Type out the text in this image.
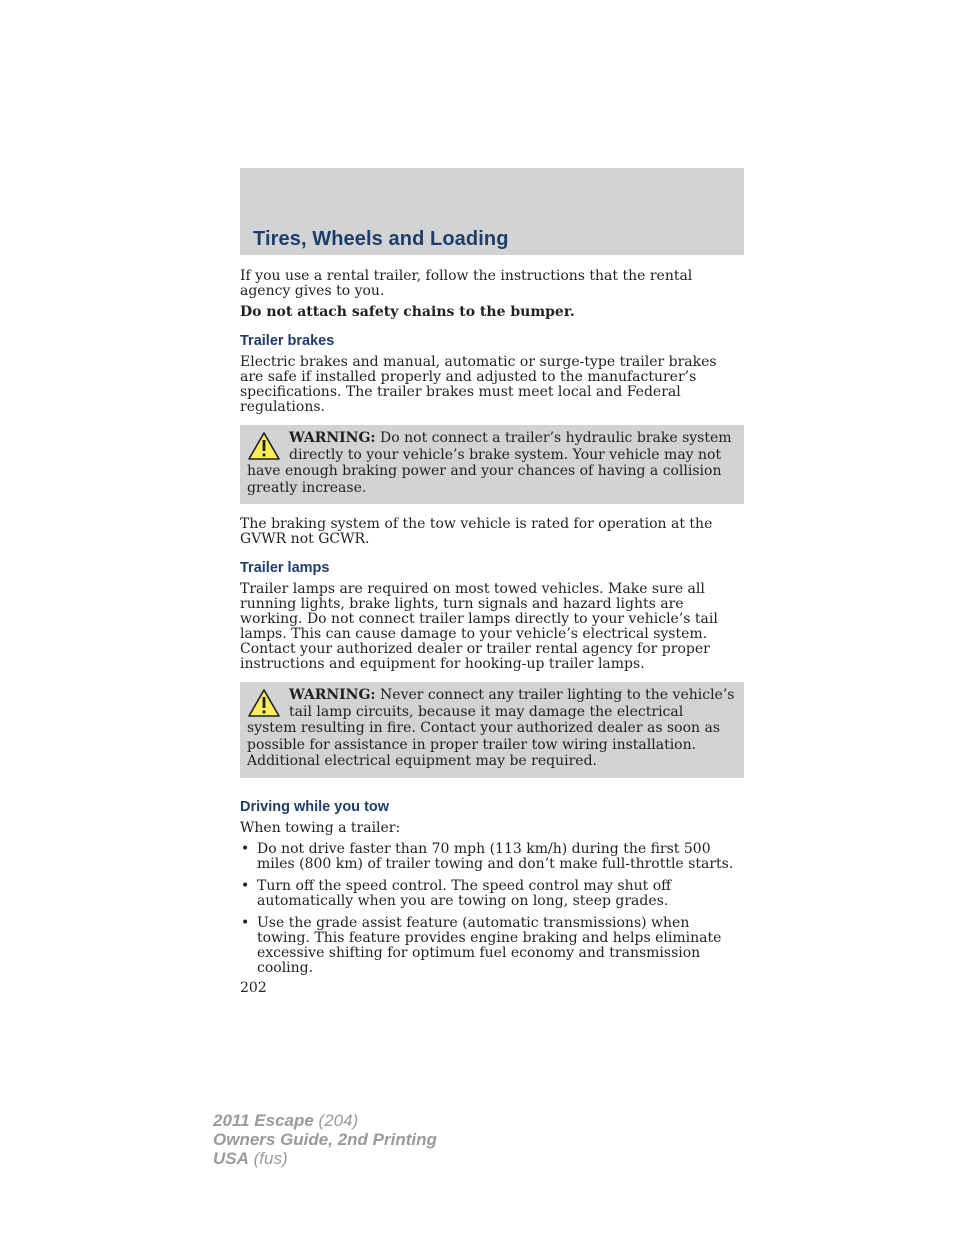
Tires, Wheels and Loading

If you use a rental trailer, follow the instructions that the rental agency gives to you.

Do not attach safety chains to the bumper.

Trailer brakes

Electric brakes and manual, automatic or surge-type trailer brakes are safe if installed properly and adjusted to the manufacturer’s specifications. The trailer brakes must meet local and Federal regulations.

WARNING: Do not connect a trailer’s hydraulic brake system directly to your vehicle’s brake system. Your vehicle may not have enough braking power and your chances of having a collision greatly increase.

The braking system of the tow vehicle is rated for operation at the GVWR not GCWR.

Trailer lamps

Trailer lamps are required on most towed vehicles. Make sure all running lights, brake lights, turn signals and hazard lights are working. Do not connect trailer lamps directly to your vehicle’s tail lamps. This can cause damage to your vehicle’s electrical system. Contact your authorized dealer or trailer rental agency for proper instructions and equipment for hooking-up trailer lamps.

WARNING: Never connect any trailer lighting to the vehicle’s tail lamp circuits, because it may damage the electrical system resulting in fire. Contact your authorized dealer as soon as possible for assistance in proper trailer tow wiring installation. Additional electrical equipment may be required.
Driving while you tow

When towing a trailer:

• Do not drive faster than 70 mph (113 km/h) during the first 500 miles (800 km) of trailer towing and don’t make full-throttle starts.
• Turn off the speed control. The speed control may shut off automatically when you are towing on long, steep grades.
• Use the grade assist feature (automatic transmissions) when towing. This feature provides engine braking and helps eliminate excessive shifting for optimum fuel economy and transmission cooling.

202

2011 Escape (204)
Owners Guide, 2nd Printing
USA (fus)
